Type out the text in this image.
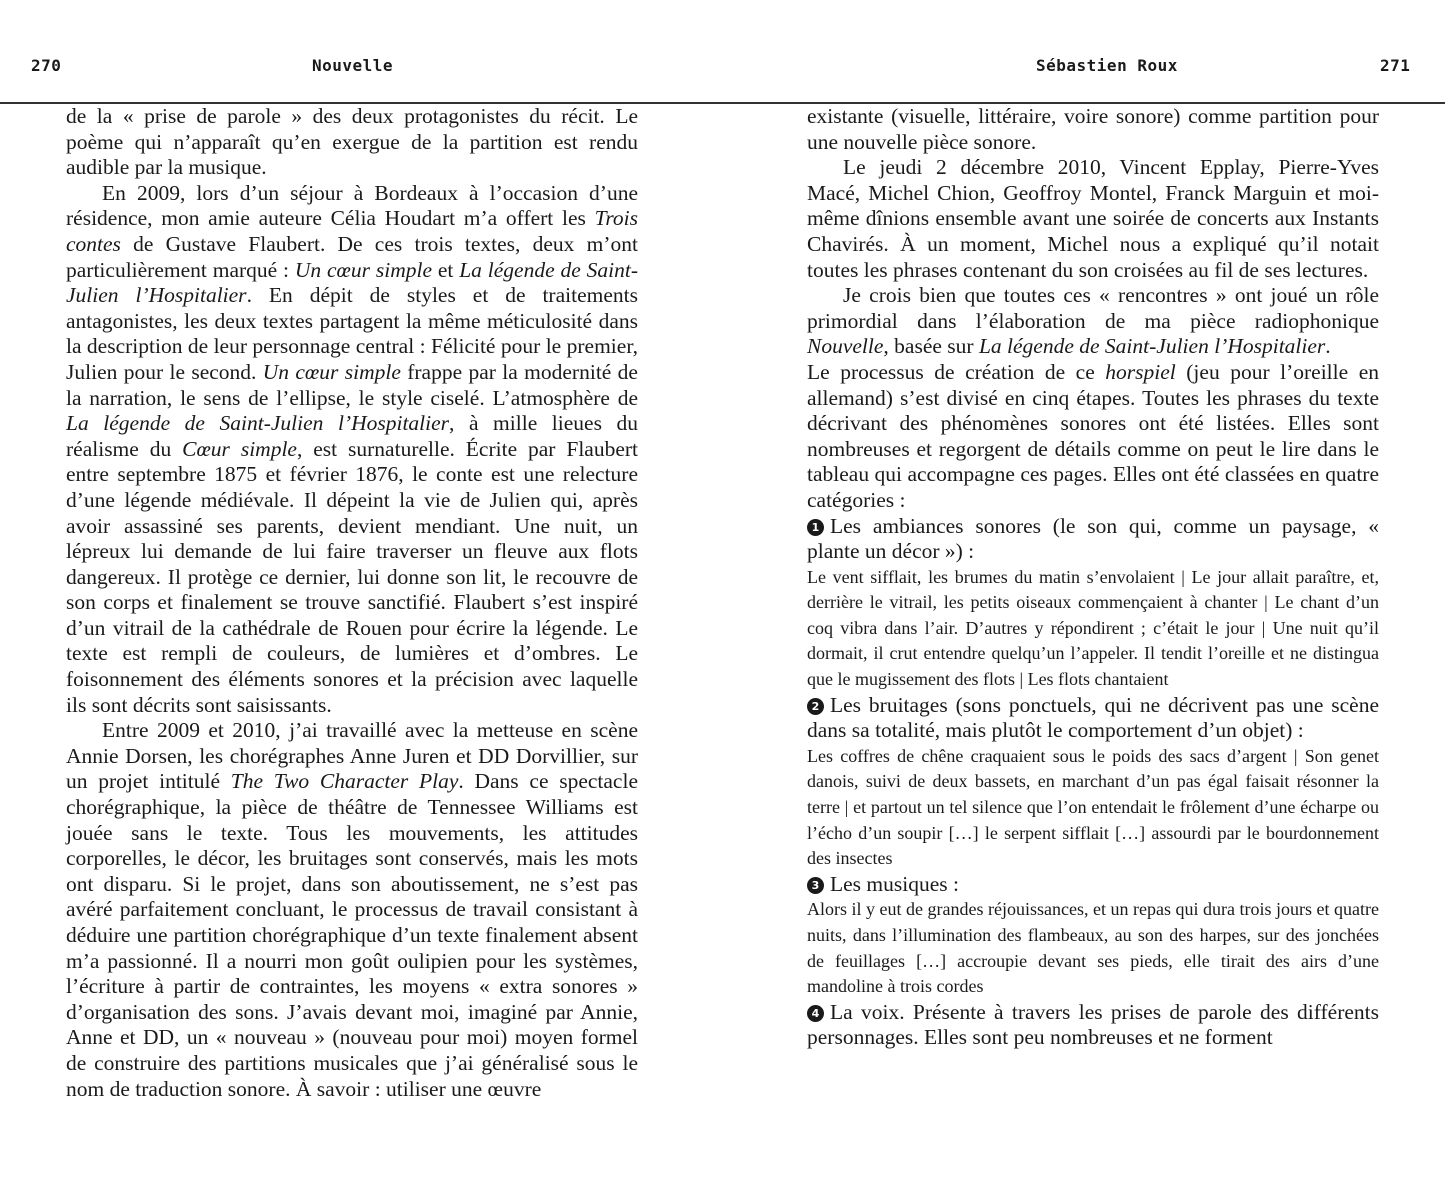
270	Nouvelle	Sébastien Roux	271

de la « prise de parole » des deux protagonistes du récit. Le poème qui n’apparaît qu’en exergue de la partition est rendu audible par la musique.

En 2009, lors d’un séjour à Bordeaux à l’occasion d’une résidence, mon amie auteure Célia Houdart m’a offert les Trois contes de Gustave Flaubert. De ces trois textes, deux m’ont particulièrement marqué : Un cœur simple et La légende de Saint-Julien l’Hospitalier. En dépit de styles et de traitements antagonistes, les deux textes partagent la même méticulosité dans la description de leur personnage central : Félicité pour le premier, Julien pour le second. Un cœur simple frappe par la modernité de la narration, le sens de l’ellipse, le style ciselé. L’atmosphère de La légende de Saint-Julien l’Hospitalier, à mille lieues du réalisme du Cœur simple, est surnaturelle. Écrite par Flaubert entre septembre 1875 et février 1876, le conte est une relecture d’une légende médiévale. Il dépeint la vie de Julien qui, après avoir assassiné ses parents, devient mendiant. Une nuit, un lépreux lui demande de lui faire traverser un fleuve aux flots dangereux. Il protège ce dernier, lui donne son lit, le recouvre de son corps et finalement se trouve sanctifié. Flaubert s’est inspiré d’un vitrail de la cathédrale de Rouen pour écrire la légende. Le texte est rempli de couleurs, de lumières et d’ombres. Le foisonnement des éléments sonores et la précision avec laquelle ils sont décrits sont saisissants.

Entre 2009 et 2010, j’ai travaillé avec la metteuse en scène Annie Dorsen, les chorégraphes Anne Juren et DD Dorvillier, sur un projet intitulé The Two Character Play. Dans ce spectacle chorégraphique, la pièce de théâtre de Tennessee Williams est jouée sans le texte. Tous les mouvements, les attitudes corporelles, le décor, les bruitages sont conservés, mais les mots ont disparu. Si le projet, dans son aboutissement, ne s’est pas avéré parfaitement concluant, le processus de travail consistant à déduire une partition chorégraphique d’un texte finalement absent m’a passionné. Il a nourri mon goût oulipien pour les systèmes, l’écriture à partir de contraintes, les moyens « extra sonores » d’organisation des sons. J’avais devant moi, imaginé par Annie, Anne et DD, un « nouveau » (nouveau pour moi) moyen formel de construire des partitions musicales que j’ai généralisé sous le nom de traduction sonore. À savoir : utiliser une œuvre

existante (visuelle, littéraire, voire sonore) comme partition pour une nouvelle pièce sonore.

Le jeudi 2 décembre 2010, Vincent Epplay, Pierre-Yves Macé, Michel Chion, Geoffroy Montel, Franck Marguin et moi-même dînions ensemble avant une soirée de concerts aux Instants Chavirés. À un moment, Michel nous a expliqué qu’il notait toutes les phrases contenant du son croisées au fil de ses lectures.

Je crois bien que toutes ces « rencontres » ont joué un rôle primordial dans l’élaboration de ma pièce radiophonique Nouvelle, basée sur La légende de Saint-Julien l’Hospitalier.

Le processus de création de ce horspiel (jeu pour l’oreille en allemand) s’est divisé en cinq étapes. Toutes les phrases du texte décrivant des phénomènes sonores ont été listées. Elles sont nombreuses et regorgent de détails comme on peut le lire dans le tableau qui accompagne ces pages. Elles ont été classées en quatre catégories :

1 Les ambiances sonores (le son qui, comme un paysage, « plante un décor ») :

Le vent sifflait, les brumes du matin s’envolaient | Le jour allait paraître, et, derrière le vitrail, les petits oiseaux commençaient à chanter | Le chant d’un coq vibra dans l’air. D’autres y répondirent ; c’était le jour | Une nuit qu’il dormait, il crut entendre quelqu’un l’appeler. Il tendit l’oreille et ne distingua que le mugissement des flots | Les flots chantaient

2 Les bruitages (sons ponctuels, qui ne décrivent pas une scène dans sa totalité, mais plutôt le comportement d’un objet) :

Les coffres de chêne craquaient sous le poids des sacs d’argent | Son genet danois, suivi de deux bassets, en marchant d’un pas égal faisait résonner la terre | et partout un tel silence que l’on entendait le frôlement d’une écharpe ou l’écho d’un soupir […] le serpent sifflait […] assourdi par le bourdonnement des insectes

3 Les musiques :

Alors il y eut de grandes réjouissances, et un repas qui dura trois jours et quatre nuits, dans l’illumination des flambeaux, au son des harpes, sur des jonchées de feuillages […] accroupie devant ses pieds, elle tirait des airs d’une mandoline à trois cordes

4 La voix. Présente à travers les prises de parole des différents personnages. Elles sont peu nombreuses et ne forment
